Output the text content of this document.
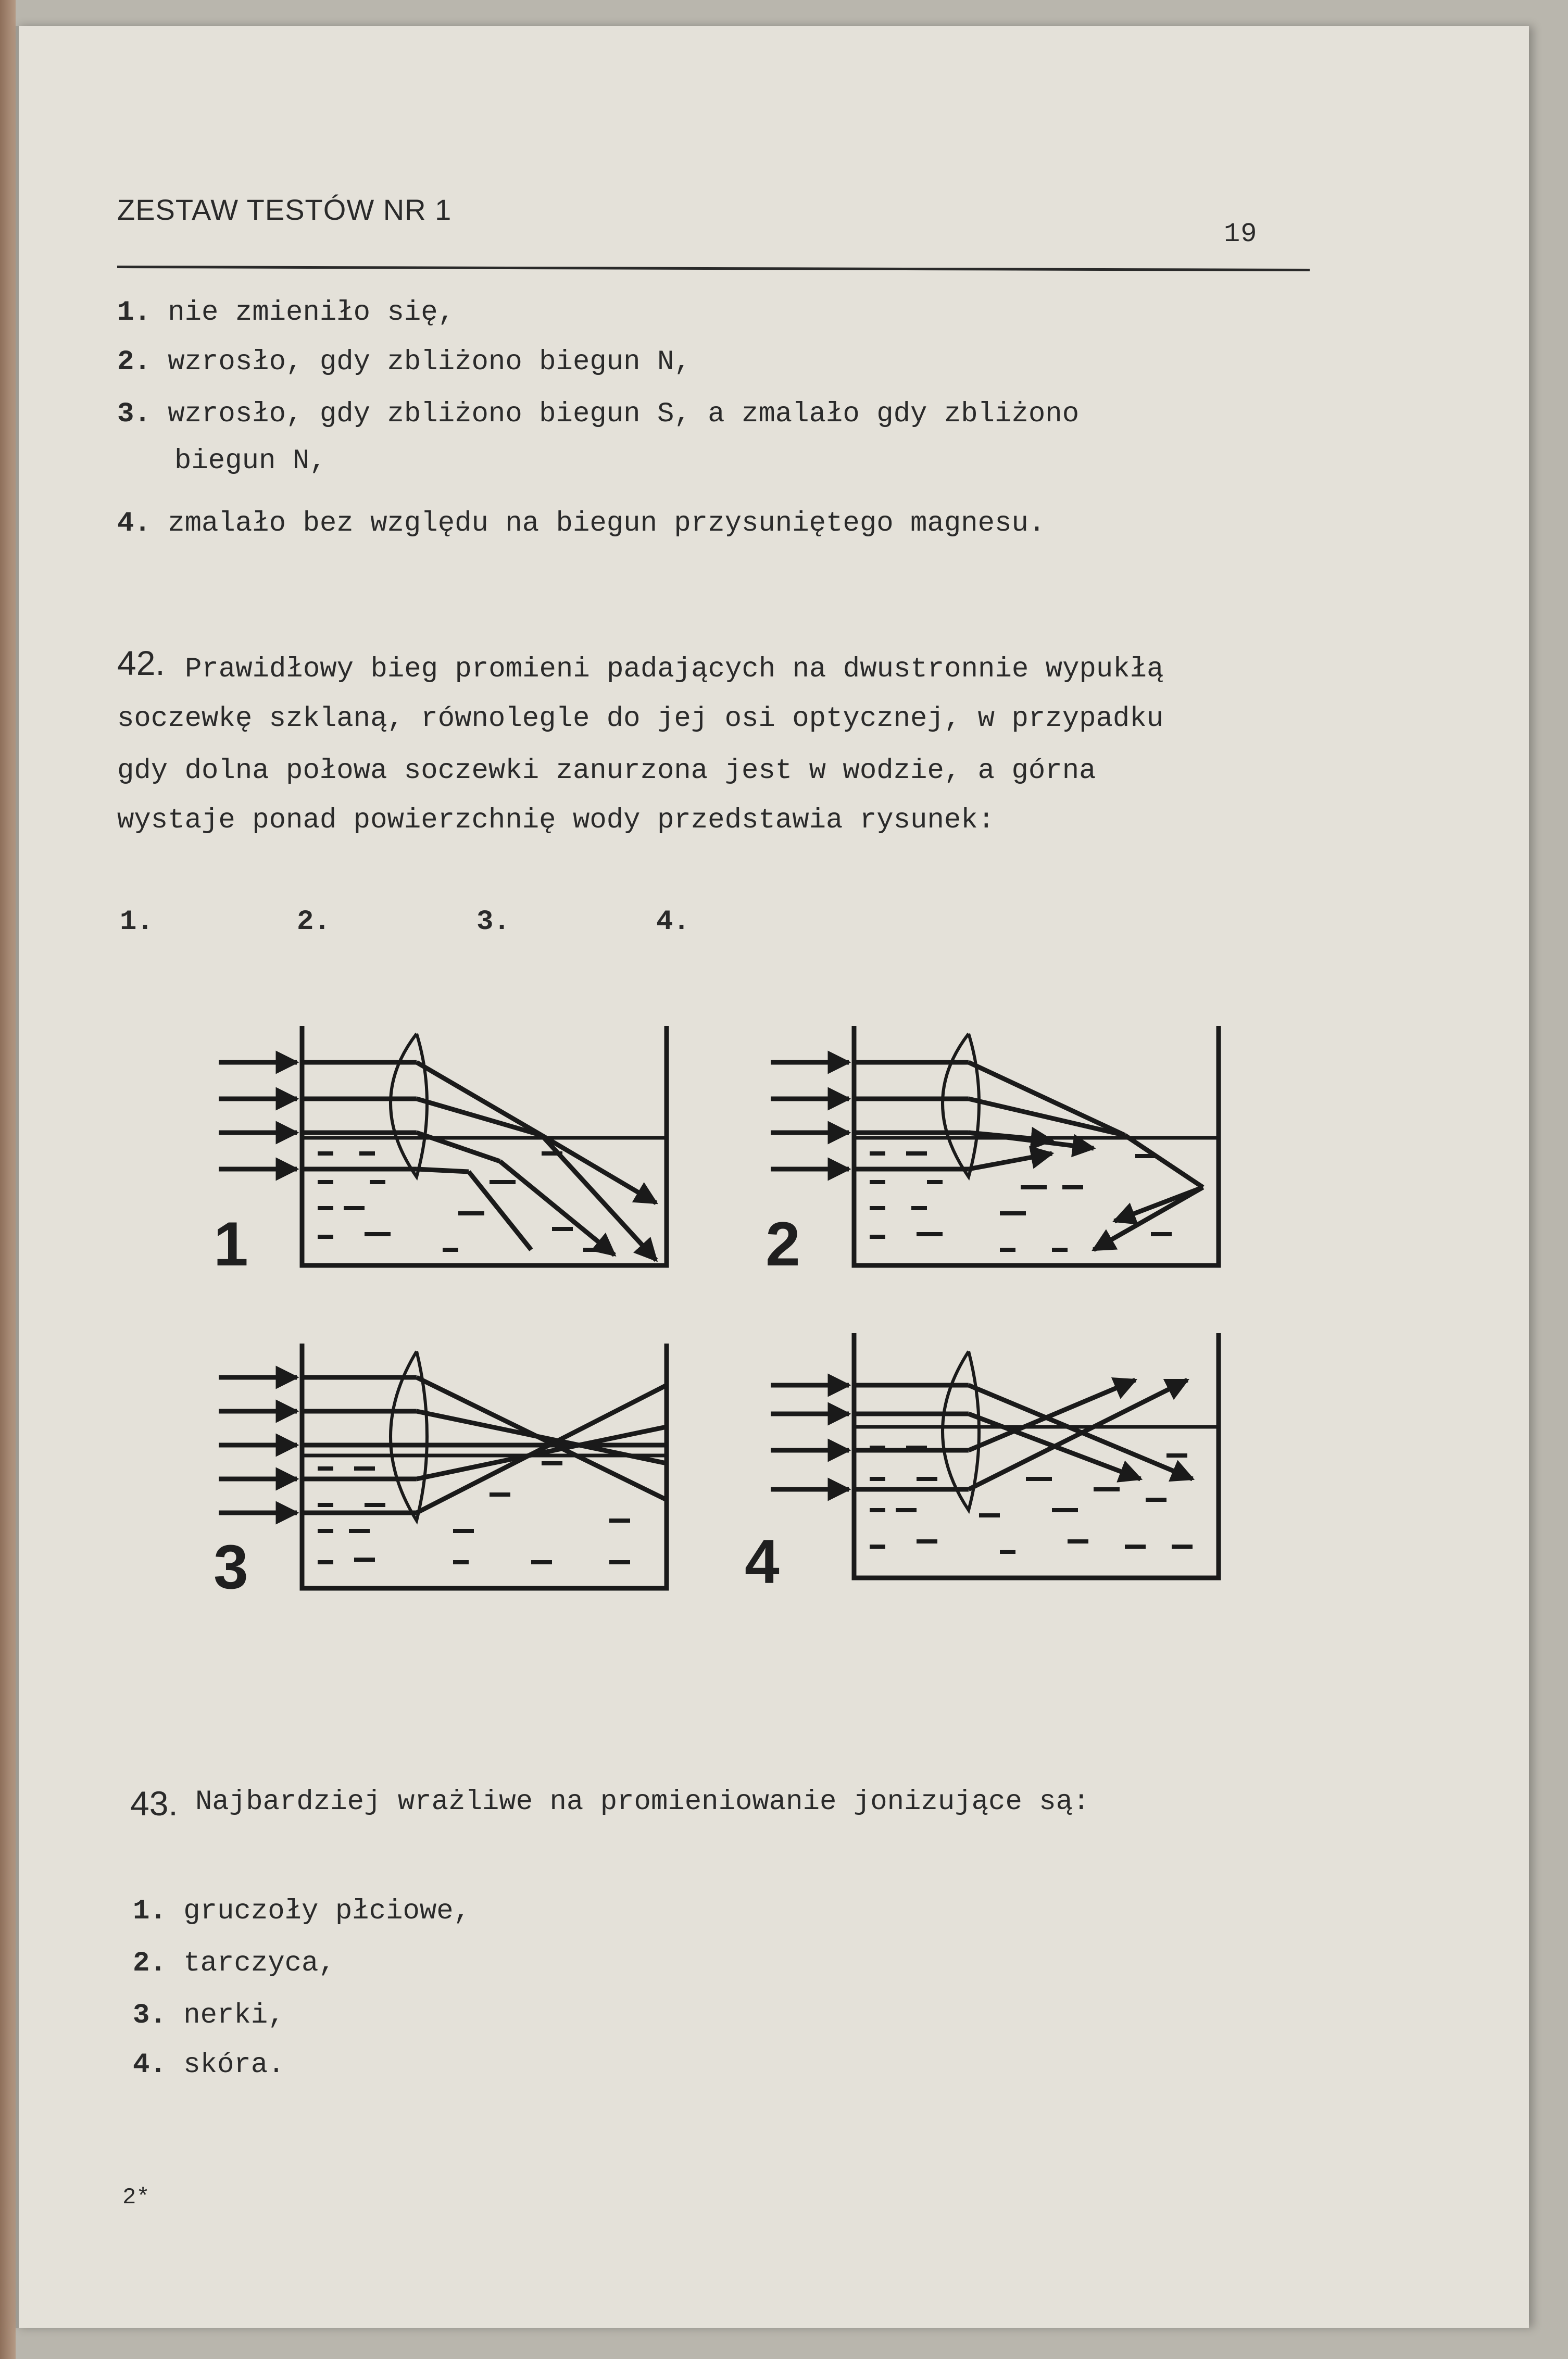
ZESTAW TESTÓW NR 1
19
1. nie zmieniło się,
2. wzrosło, gdy zbliżono biegun N,
3. wzrosło, gdy zbliżono biegun S, a zmalało gdy zbliżono
biegun N,
4. zmalało bez względu na biegun przysuniętego magnesu.
42. Prawidłowy bieg promieni padających na dwustronnie wypukłą
soczewkę szklaną, równolegle do jej osi optycznej, w przypadku
gdy dolna połowa soczewki zanurzona jest w wodzie, a górna
wystaje ponad powierzchnię wody przedstawia rysunek:
1.	2.	3.	4.
1	2
3	4
43. Najbardziej wrażliwe na promieniowanie jonizujące są:
1. gruczoły płciowe,
2. tarczyca,
3. nerki,
4. skóra.
2*
